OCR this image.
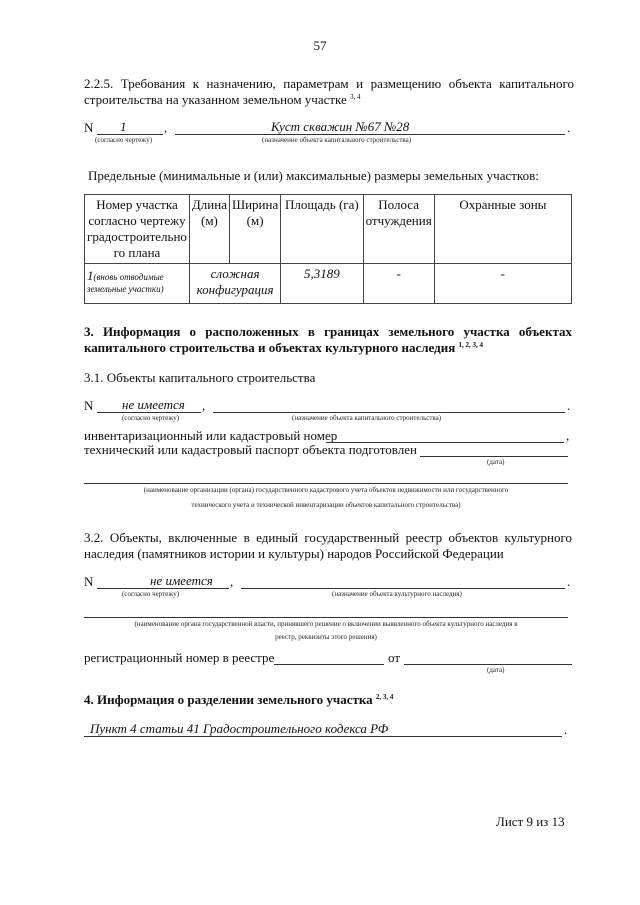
57
2.2.5. Требования к назначению, параметрам и размещению объекта капитального
строительства на указанном земельном участке $^{3, 4}$
N 1	,	Куст скважин №67 №28	.
(согласно чертежу)	(назначение объекта капитального строительства)
Предельные (минимальные и (или) максимальные) размеры земельных участков:
Номер участка согласно чертежу градостроительно го плана	Длина (м)	Ширина (м)	Площадь (га)	Полоса отчуждения	Охранные зоны
1(вновь отводимые земельные участки)	сложная конфигурация		5,3189	-	-
3. Информация о расположенных в границах земельного участка объектах
капитального строительства и объектах культурного наследия $^{1, 2, 3, 4}$
3.1. Объекты капитального строительства
N не имеется ,	.
(согласно чертежу)	(назначение объекта капитального строительства)
инвентаризационный или кадастровый номер	,
технический или кадастровый паспорт объекта подготовлен
(дата)
(наименование организации (органа) государственного кадастрового учета объектов недвижимости или государственного
технического учета и технической инвентаризации объектов капитального строительства)
3.2. Объекты, включенные в единый государственный реестр объектов культурного
наследия (памятников истории и культуры) народов Российской Федерации
N	не имеется ,	.
(согласно чертежу)	(назначение объекта культурного наследия)
(наименование органа государственной власти, принявшего решение о включении выявленного объекта культурного наследия в
реестр, реквизиты этого решения)
регистрационный номер в реестре	от
(дата)
4. Информация о разделении земельного участка $^{2, 3, 4}$
Пункт 4 статьи 41 Градостроительного кодекса РФ	.
Лист 9 из 13
